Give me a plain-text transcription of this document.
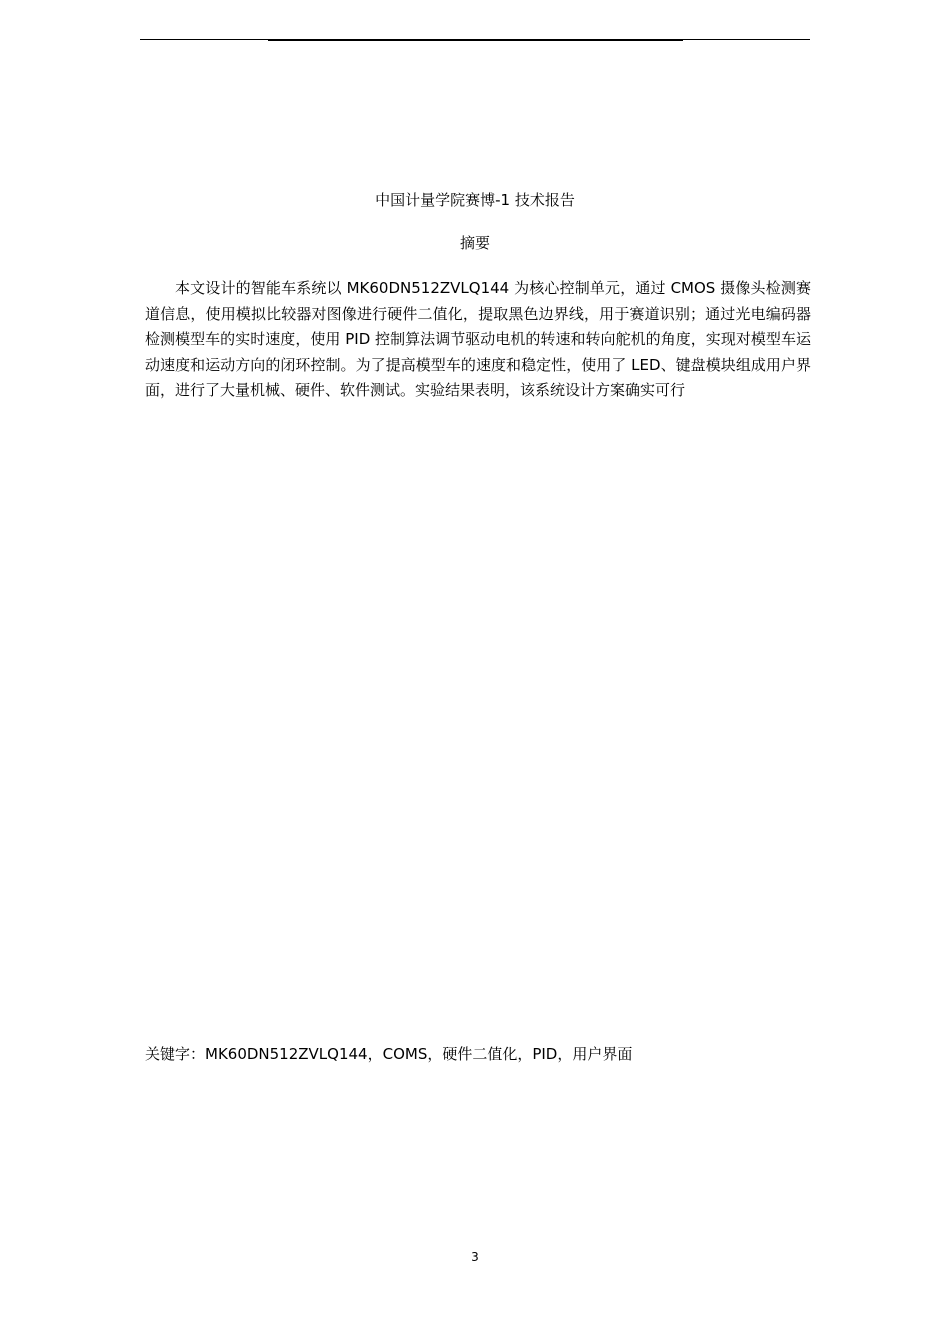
中国计量学院赛博-1 技术报告
摘要

本文设计的智能车系统以 MK60DN512ZVLQ144 为核心控制单元，通过 CMOS 摄像头检测赛道信息，使用模拟比较器对图像进行硬件二值化，提取黑色边界线，用于赛道识别；通过光电编码器检测模型车的实时速度，使用 PID 控制算法调节驱动电机的转速和转向舵机的角度，实现对模型车运动速度和运动方向的闭环控制。为了提高模型车的速度和稳定性，使用了 LED、键盘模块组成用户界面，进行了大量机械、硬件、软件测试。实验结果表明，该系统设计方案确实可行

关键字：MK60DN512ZVLQ144，COMS，硬件二值化，PID，用户界面
3
